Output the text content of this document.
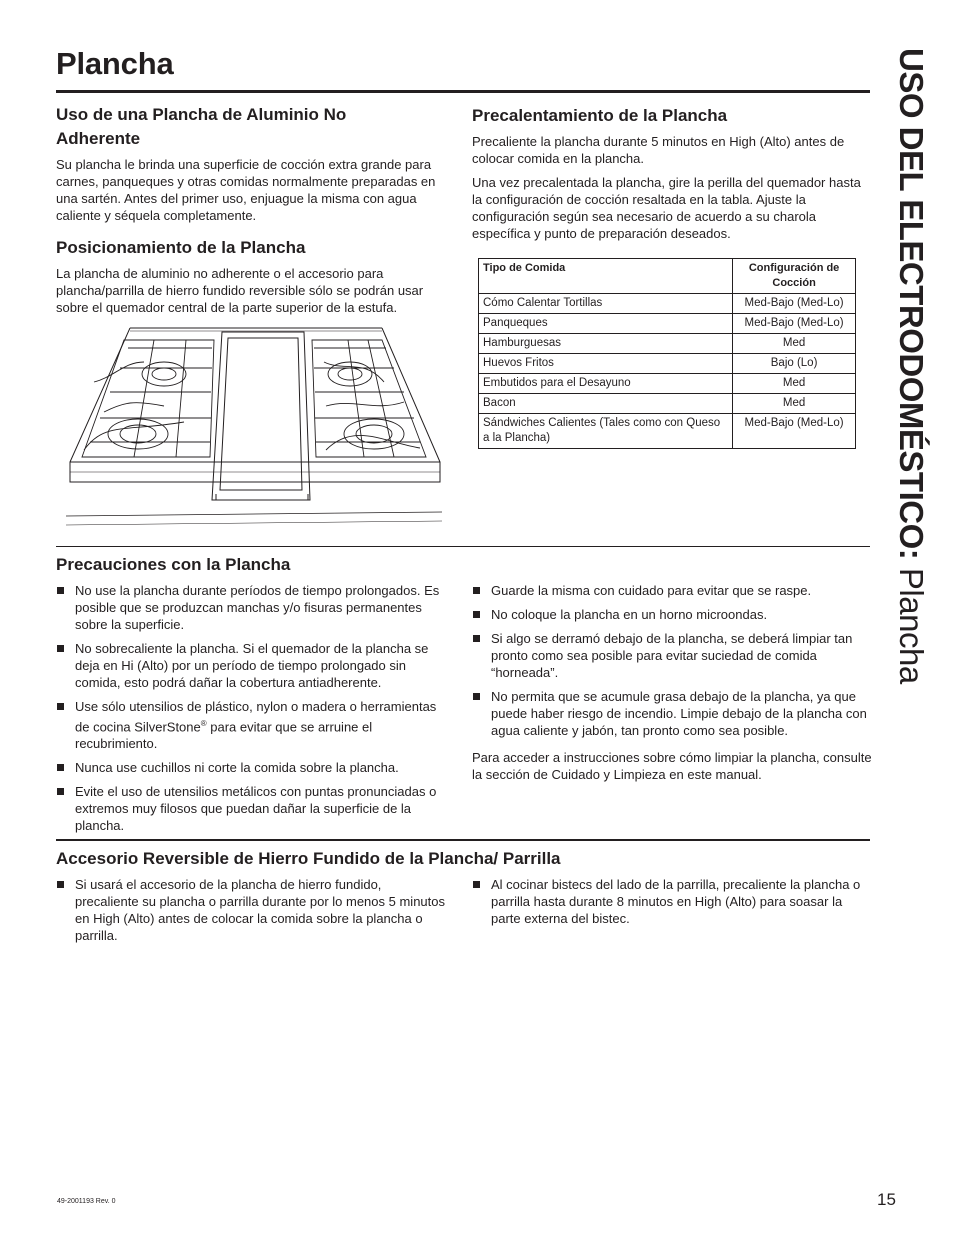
Plancha	USO DEL ELECTRODOMÉSTICO: Plancha
Uso de una Plancha de Aluminio No Adherente

Su plancha le brinda una superficie de cocción extra grande para carnes, panqueques y otras comidas normalmente preparadas en una sartén. Antes del primer uso, enjuague la misma con agua caliente y séquela completamente.

Posicionamiento de la Plancha

La plancha de aluminio no adherente o el accesorio para plancha/parrilla de hierro fundido reversible sólo se podrán usar sobre el quemador central de la parte superior de la estufa.

Precalentamiento de la Plancha

Precaliente la plancha durante 5 minutos en High (Alto) antes de colocar comida en la plancha.

Una vez precalentada la plancha, gire la perilla del quemador hasta la configuración de cocción resaltada en la tabla. Ajuste la configuración según sea necesario de acuerdo a su charola específica y punto de preparación deseados.

Tipo de Comida	Configuración de Cocción
Cómo Calentar Tortillas	Med-Bajo (Med-Lo)
Panqueques	Med-Bajo (Med-Lo)
Hamburguesas	Med
Huevos Fritos	Bajo (Lo)
Embutidos para el Desayuno	Med
Bacon	Med
Sándwiches Calientes (Tales como con Queso a la Plancha)	Med-Bajo (Med-Lo)
Precauciones con la Plancha
No use la plancha durante períodos de tiempo prolongados. Es posible que se produzcan manchas y/o fisuras permanentes sobre la superficie.
No sobrecaliente la plancha. Si el quemador de la plancha se deja en Hi (Alto) por un período de tiempo prolongado sin comida, esto podrá dañar la cobertura antiadherente.
Use sólo utensilios de plástico, nylon o madera o herramientas de cocina SilverStone® para evitar que se arruine el recubrimiento.
Nunca use cuchillos ni corte la comida sobre la plancha.
Evite el uso de utensilios metálicos con puntas pronunciadas o extremos muy filosos que puedan dañar la superficie de la plancha.
Guarde la misma con cuidado para evitar que se raspe.
No coloque la plancha en un horno microondas.
Si algo se derramó debajo de la plancha, se deberá limpiar tan pronto como sea posible para evitar suciedad de comida “horneada”.
No permita que se acumule grasa debajo de la plancha, ya que puede haber riesgo de incendio. Limpie debajo de la plancha con agua caliente y jabón, tan pronto como sea posible.

Para acceder a instrucciones sobre cómo limpiar la plancha, consulte la sección de Cuidado y Limpieza en este manual.

Accesorio Reversible de Hierro Fundido de la Plancha/ Parrilla
Si usará el accesorio de la plancha de hierro fundido, precaliente su plancha o parrilla durante por lo menos 5 minutos en High (Alto) antes de colocar la comida sobre la plancha o parrilla.
Al cocinar bistecs del lado de la parrilla, precaliente la plancha o parrilla hasta durante 8 minutos en High (Alto) para soasar la parte externa del bistec.
49-2001193 Rev. 0	15
